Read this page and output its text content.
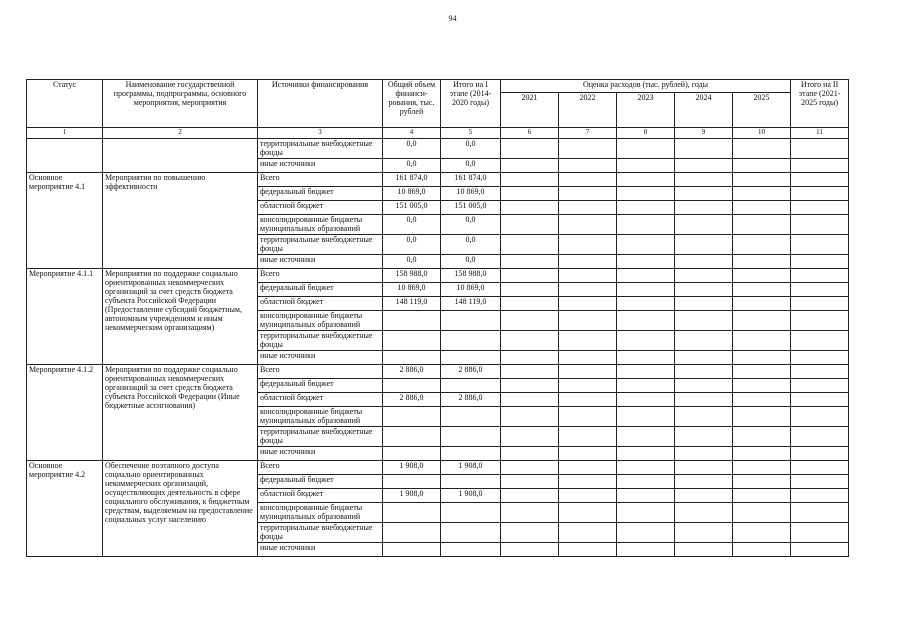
94
Статус	Наименование государственной программы, подпрограммы, основного мероприятия, мероприятия	Источники финансирования	Общий объем финанси-рования, тыс. рублей	Итого на I этапе (2014-2020 годы)	Оценка расходов (тыс. рублей), годы					Итого на II этапе (2021-2025 годы)
					2021	2022	2023	2024	2025	
1	2	3	4	5	6	7	8	9	10	11
		территориальные внебюджетные фонды	0,0	0,0						
		иные источники	0,0	0,0						
Основное мероприятие 4.1	Мероприятия по повышению эффективности	Всего	161 874,0	161 874,0						
		федеральный бюджет	10 869,0	10 869,0						
		областной бюджет	151 005,0	151 005,0						
		консолидированные бюджеты муниципальных образований	0,0	0,0						
		территориальные внебюджетные фонды	0,0	0,0						
		иные источники	0,0	0,0						
Мероприятие 4.1.1	Мероприятия по поддержке социально ориентированных некоммерческих организаций за счет средств бюджета субъекта Российской Федерации (Предоставление субсидий бюджетным, автономным учреждениям и иным некоммерческим организациям)	Всего	158 988,0	158 988,0						
		федеральный бюджет	10 869,0	10 869,0						
		областной бюджет	148 119,0	148 119,0						
		консолидированные бюджеты муниципальных образований								
		территориальные внебюджетные фонды								
		иные источники								
Мероприятие 4.1.2	Мероприятия по поддержке социально ориентированных некоммерческих организаций за счет средств бюджета субъекта Российской Федерации (Иные бюджетные ассигнования)	Всего	2 886,0	2 886,0						
		федеральный бюджет								
		областной бюджет	2 886,0	2 886,0						
		консолидированные бюджеты муниципальных образований								
		территориальные внебюджетные фонды								
		иные источники								
Основное мероприятие 4.2	Обеспечение поэтапного доступа социально ориентированных некоммерческих организаций, осуществляющих деятельность в сфере социального обслуживания, к бюджетным средствам, выделяемым на предоставление социальных услуг населению	Всего	1 908,0	1 908,0						
		федеральный бюджет								
		областной бюджет	1 908,0	1 908,0						
		консолидированные бюджеты муниципальных образований								
		территориальные внебюджетные фонды								
		иные источники								
